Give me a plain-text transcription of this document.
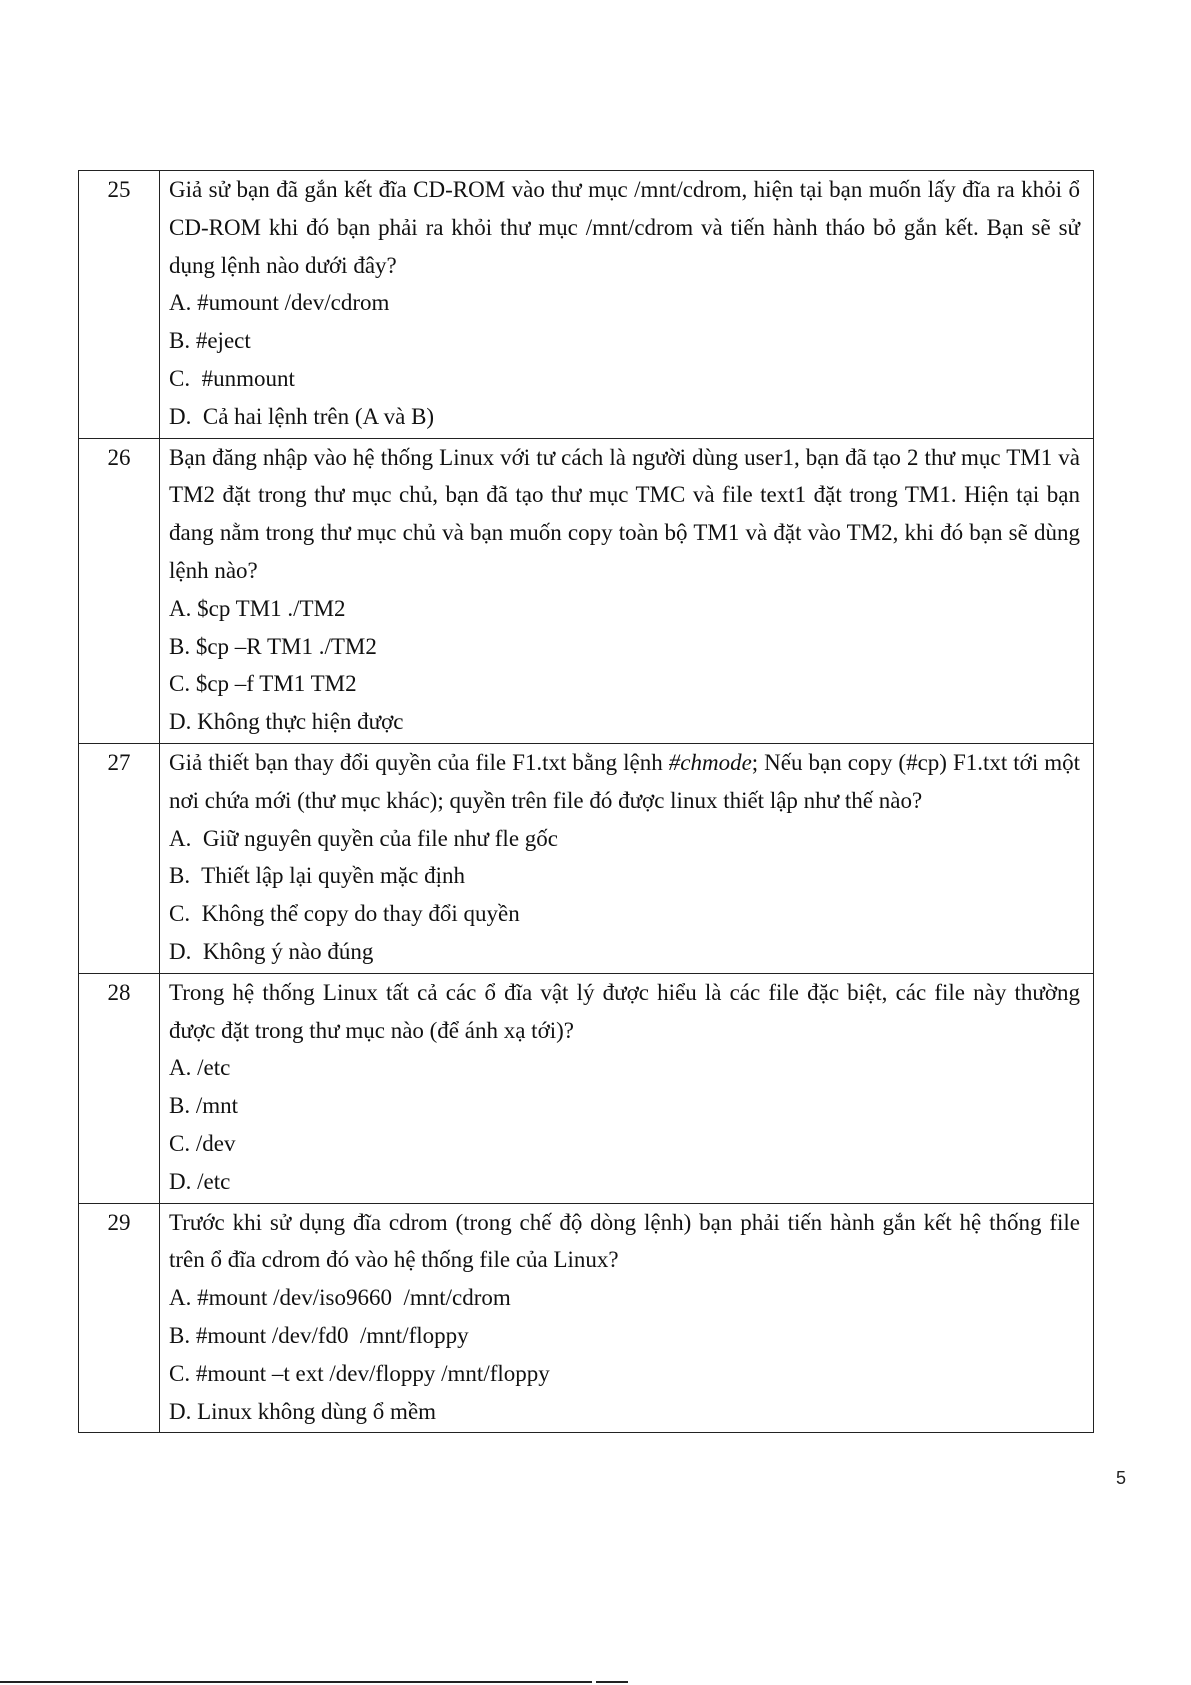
25	Giả sử bạn đã gắn kết đĩa CD-ROM vào thư mục /mnt/cdrom, hiện tại bạn muốn lấy đĩa ra khỏi ổ CD-ROM khi đó bạn phải ra khỏi thư mục /mnt/cdrom và tiến hành tháo bỏ gắn kết. Bạn sẽ sử dụng lệnh nào dưới đây?
A. #umount /dev/cdrom
B. #eject
C.  #unmount
D.  Cả hai lệnh trên (A và B)

26	Bạn đăng nhập vào hệ thống Linux với tư cách là người dùng user1, bạn đã tạo 2 thư mục TM1 và TM2 đặt trong thư mục chủ, bạn đã tạo thư mục TMC và file text1 đặt trong TM1. Hiện tại bạn đang nằm trong thư mục chủ và bạn muốn copy toàn bộ TM1 và đặt vào TM2, khi đó bạn sẽ dùng lệnh nào?
A. $cp TM1 ./TM2
B. $cp –R TM1 ./TM2
C. $cp –f TM1 TM2
D. Không thực hiện được

27	Giả thiết bạn thay đổi quyền của file F1.txt bằng lệnh #chmode; Nếu bạn copy (#cp) F1.txt tới một nơi chứa mới (thư mục khác); quyền trên file đó được linux thiết lập như thế nào?
A.  Giữ nguyên quyền của file như fle gốc
B.  Thiết lập lại quyền mặc định
C.  Không thể copy do thay đổi quyền
D.  Không ý nào đúng

28	Trong hệ thống Linux tất cả các ổ đĩa vật lý được hiểu là các file đặc biệt, các file này thường được đặt trong thư mục nào (để ánh xạ tới)?
A. /etc
B. /mnt
C. /dev
D. /etc

29	Trước khi sử dụng đĩa cdrom (trong chế độ dòng lệnh) bạn phải tiến hành gắn kết hệ thống file trên ổ đĩa cdrom đó vào hệ thống file của Linux?
A. #mount /dev/iso9660  /mnt/cdrom
B. #mount /dev/fd0  /mnt/floppy
C. #mount –t ext /dev/floppy /mnt/floppy
D. Linux không dùng ổ mềm
5
